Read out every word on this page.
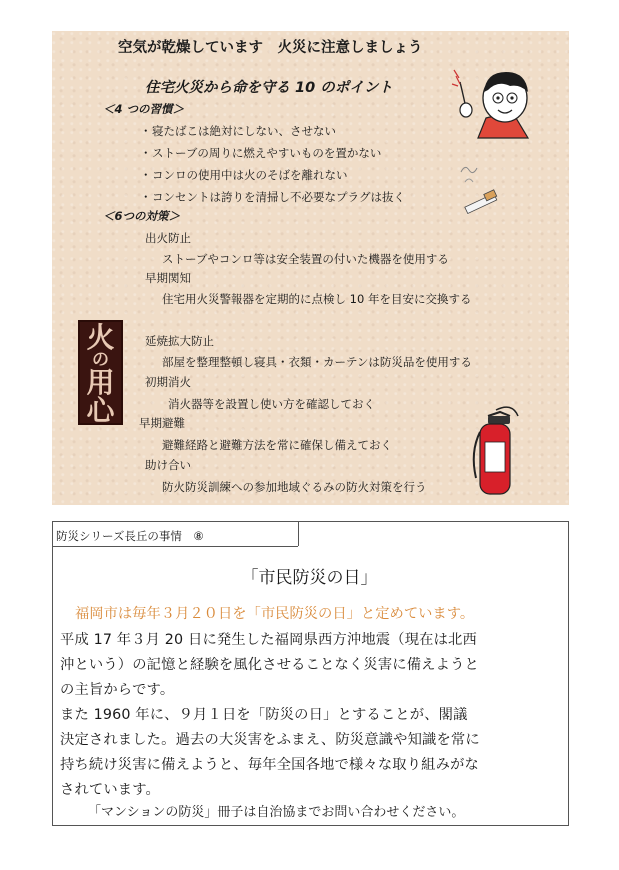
空気が乾燥しています　火災に注意しましょう
住宅火災から命を守る 10 のポイント
＜4 つの習慣＞
・寝たばこは絶対にしない、させない
・ストーブの周りに燃えやすいものを置かない
・コンロの使用中は火のそばを離れない
・コンセントは誇りを清掃し不必要なプラグは抜く
＜6つの対策＞
出火防止
ストーブやコンロ等は安全装置の付いた機器を使用する
早期関知
住宅用火災警報器を定期的に点検し 10 年を目安に交換する
延焼拡大防止
部屋を整理整頓し寝具・衣類・カーテンは防災品を使用する
初期消火
消火器等を設置し使い方を確認しておく
早期避難
避難経路と避難方法を常に確保し備えておく
助け合い
防火防災訓練への参加地域ぐるみの防火対策を行う
火
の
用
心
防災シリーズ長丘の事情　⑧
「市民防災の日」
福岡市は毎年３月２０日を「市民防災の日」と定めています。
平成 17 年３月 20 日に発生した福岡県西方沖地震（現在は北西
沖という）の記憶と経験を風化させることなく災害に備えようと
の主旨からです。
また 1960 年に、９月１日を「防災の日」とすることが、閣議
決定されました。過去の大災害をふまえ、防災意識や知識を常に
持ち続け災害に備えようと、毎年全国各地で様々な取り組みがな
されています。
「マンションの防災」冊子は自治協までお問い合わせください。
